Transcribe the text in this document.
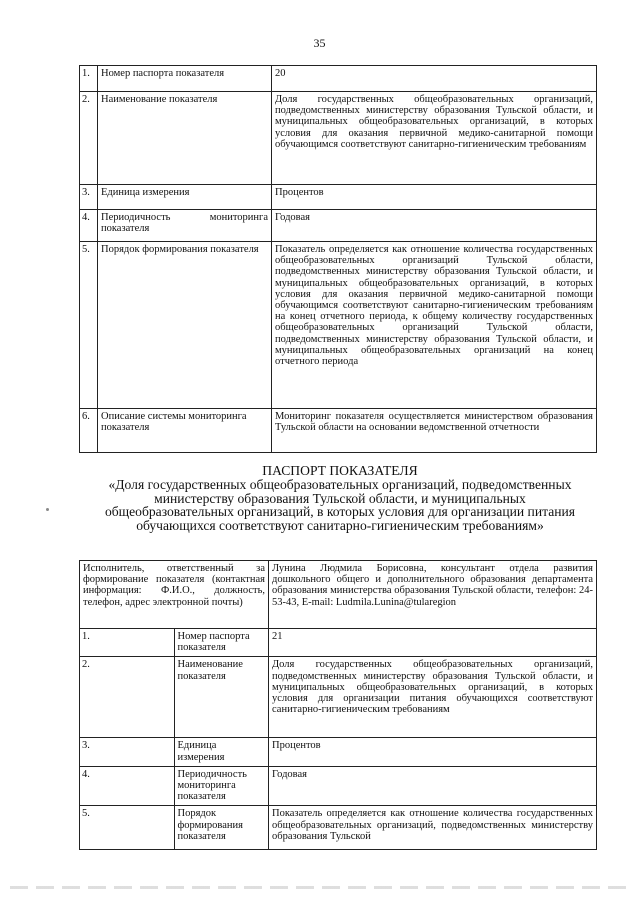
35
1.	Номер паспорта показателя	20
2.	Наименование показателя	Доля государственных общеобразовательных организаций, подведомственных министерству образования Тульской области, и муниципальных общеобразовательных организаций, в которых условия для оказания первичной медико-санитарной помощи обучающимся соответствуют санитарно-гигиеническим требованиям
3.	Единица измерения	Процентов
4.	Периодичность мониторинга показателя	Годовая
5.	Порядок формирования показателя	Показатель определяется как отношение количества государственных общеобразовательных организаций Тульской области, подведомственных министерству образования Тульской области, и муниципальных общеобразовательных организаций, в которых условия для оказания первичной медико-санитарной помощи обучающимся соответствуют санитарно-гигиеническим требованиям на конец отчетного периода, к общему количеству государственных общеобразовательных организаций Тульской области, подведомственных министерству образования Тульской области, и муниципальных общеобразовательных организаций на конец отчетного периода
6.	Описание системы мониторинга показателя	Мониторинг показателя осуществляется министерством образования Тульской области на основании ведомственной отчетности
ПАСПОРТ ПОКАЗАТЕЛЯ
«Доля государственных общеобразовательных организаций, подведомственных министерству образования Тульской области, и муниципальных общеобразовательных организаций, в которых условия для организации питания обучающихся соответствуют санитарно-гигиеническим требованиям»
Исполнитель, ответственный за формирование показателя (контактная информация: Ф.И.О., должность, телефон, адрес электронной почты)		Лунина Людмила Борисовна, консультант отдела развития дошкольного общего и дополнительного образования департамента образования министерства образования Тульской области, телефон: 24-53-43, E-mail: Ludmila.Lunina@tularegion
1.	Номер паспорта показателя	21
2.	Наименование показателя	Доля государственных общеобразовательных организаций, подведомственных министерству образования Тульской области, и муниципальных общеобразовательных организаций, в которых условия для организации питания обучающихся соответствуют санитарно-гигиеническим требованиям
3.	Единица измерения	Процентов
4.	Периодичность мониторинга показателя	Годовая
5.	Порядок формирования показателя	Показатель определяется как отношение количества государственных общеобразовательных организаций, подведомственных министерству образования Тульской
